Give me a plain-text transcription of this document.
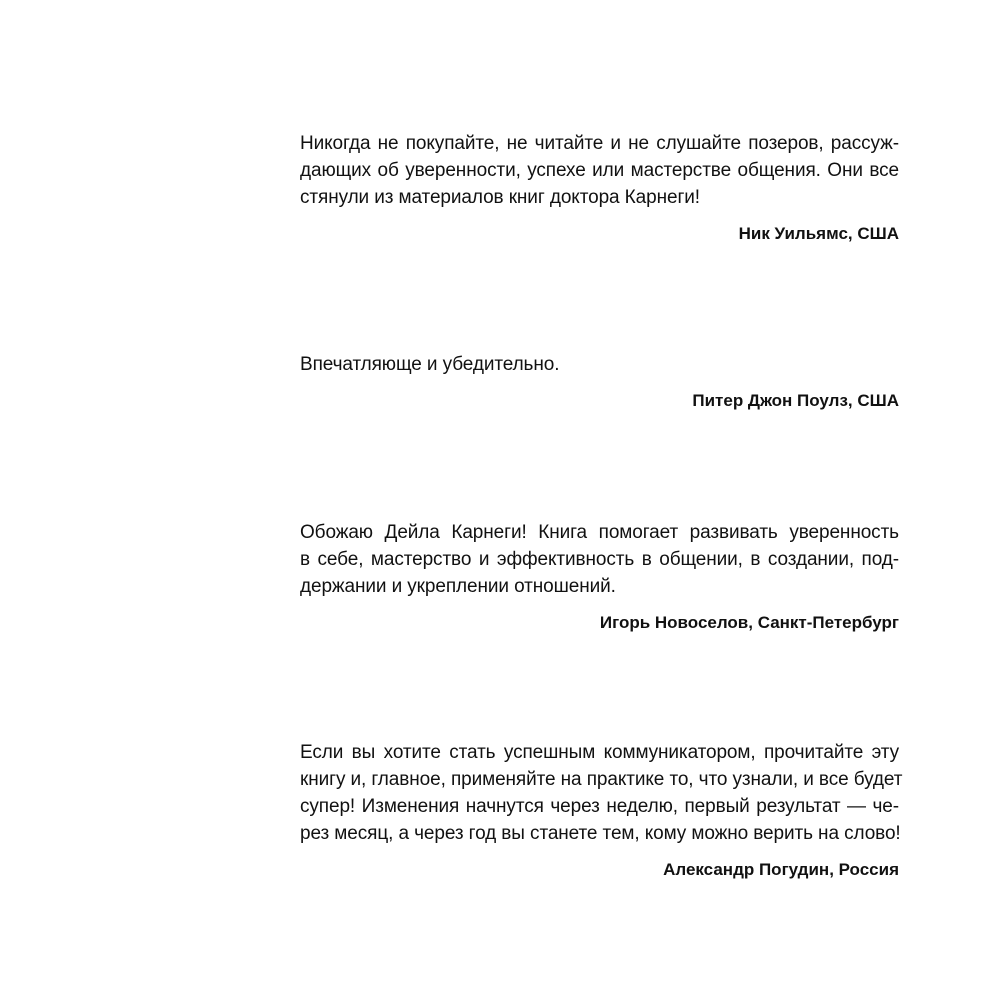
Никогда не покупайте, не читайте и не слушайте позеров, рассуж-
дающих об уверенности, успехе или мастерстве общения. Они все
стянули из материалов книг доктора Карнеги!
Ник Уильямс, США
Впечатляюще и убедительно.
Питер Джон Поулз, США
Обожаю Дейла Карнеги! Книга помогает развивать уверенность
в себе, мастерство и эффективность в общении, в создании, под-
держании и укреплении отношений.
Игорь Новоселов, Санкт-Петербург
Если вы хотите стать успешным коммуникатором, прочитайте эту
книгу и, главное, применяйте на практике то, что узнали, и все будет
супер! Изменения начнутся через неделю, первый результат — че-
рез месяц, а через год вы станете тем, кому можно верить на слово!
Александр Погудин, Россия
